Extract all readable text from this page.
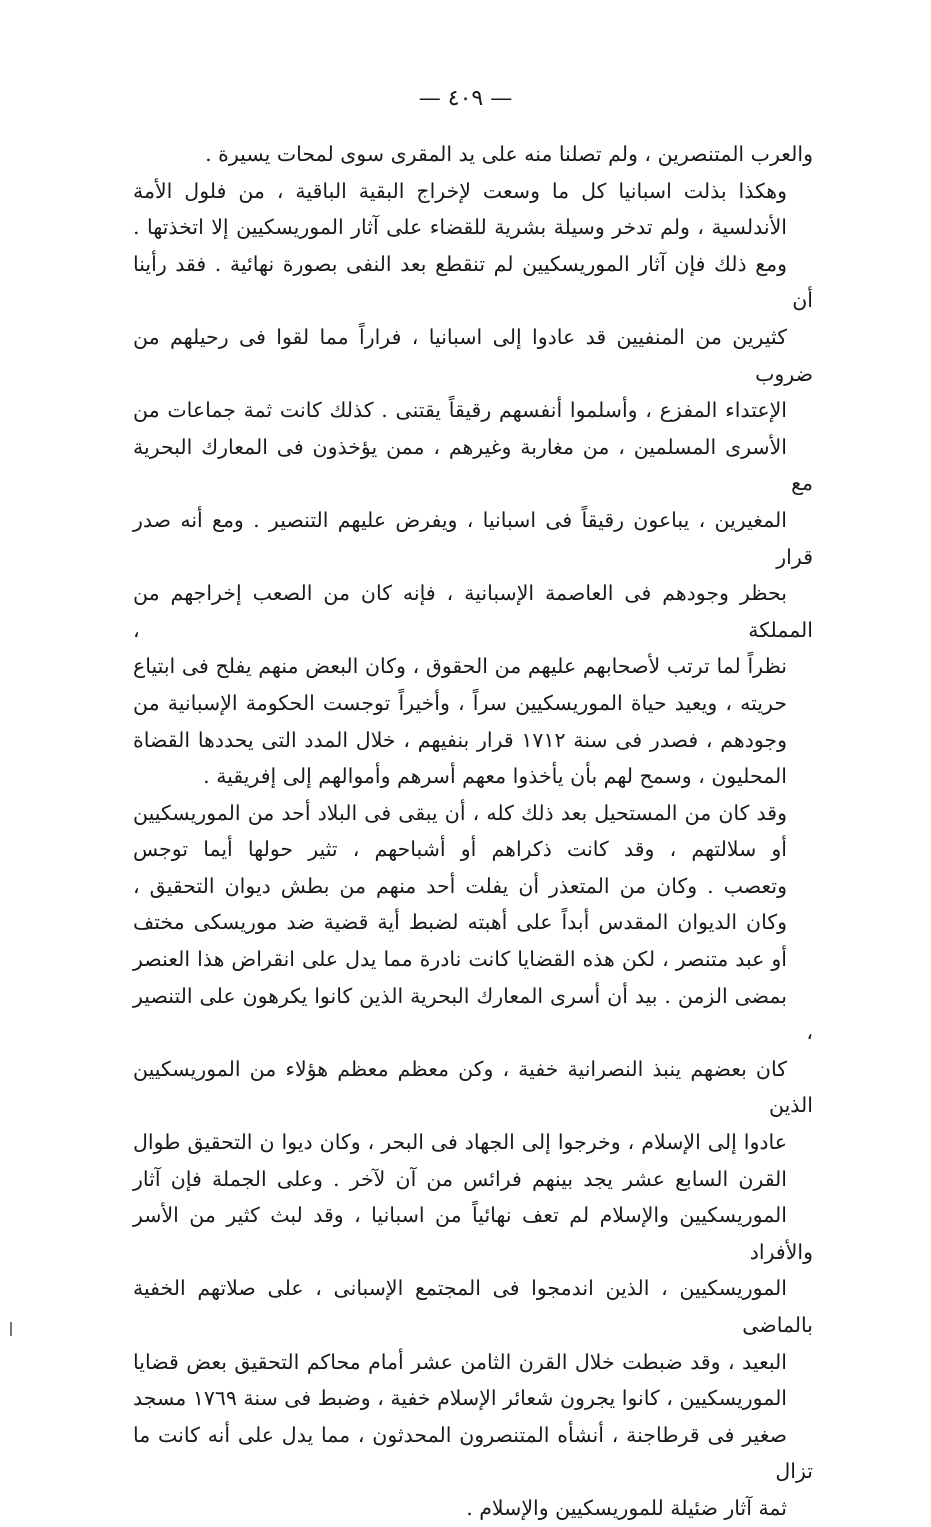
— ٤٠٩ —
والعرب المتنصرين ، ولم تصلنا منه على يد المقرى سوى لمحات يسيرة .
وهكذا بذلت اسبانيا كل ما وسعت لإخراج البقية الباقية ، من فلول الأمة
الأندلسية ، ولم تدخر وسيلة بشرية للقضاء على آثار الموريسكيين إلا اتخذتها .
ومع ذلك فإن آثار الموريسكيين لم تنقطع بعد النفى بصورة نهائية . فقد رأينا أن
كثيرين من المنفيين قد عادوا إلى اسبانيا ، فراراً مما لقوا فى رحيلهم من ضروب
الإعتداء المفزع ، وأسلموا أنفسهم رقيقاً يقتنى . كذلك كانت ثمة جماعات من
الأسرى المسلمين ، من مغاربة وغيرهم ، ممن يؤخذون فى المعارك البحرية مع
المغيرين ، يباعون رقيقاً فى اسبانيا ، ويفرض عليهم التنصير . ومع أنه صدر قرار
بحظر وجودهم فى العاصمة الإسبانية ، فإنه كان من الصعب إخراجهم من المملكة ،
نظراً لما ترتب لأصحابهم عليهم من الحقوق ، وكان البعض منهم يفلح فى ابتياع
حريته ، ويعيد حياة الموريسكيين سراً ، وأخيراً توجست الحكومة الإسبانية من
وجودهم ، فصدر فى سنة ١٧١٢ قرار بنفيهم ، خلال المدد التى يحددها القضاة
المحليون ، وسمح لهم بأن يأخذوا معهم أسرهم وأموالهم إلى إفريقية .
وقد كان من المستحيل بعد ذلك كله ، أن يبقى فى البلاد أحد من الموريسكيين
أو سلالتهم ، وقد كانت ذكراهم أو أشباحهم ، تثير حولها أيما توجس
وتعصب . وكان من المتعذر أن يفلت أحد منهم من بطش ديوان التحقيق ،
وكان الديوان المقدس أبداً على أهبته لضبط أية قضية ضد موريسكى مختف
أو عبد متنصر ، لكن هذه القضايا كانت نادرة مما يدل على انقراض هذا العنصر
بمضى الزمن . بيد أن أسرى المعارك البحرية الذين كانوا يكرهون على التنصير ،
كان بعضهم ينبذ النصرانية خفية ، وكن معظم معظم هؤلاء من الموريسكيين الذين
عادوا إلى الإسلام ، وخرجوا إلى الجهاد فى البحر ، وكان ديوا ن التحقيق طوال
القرن السابع عشر يجد بينهم فرائس من آن لآخر . وعلى الجملة فإن آثار
الموريسكيين والإسلام لم تعف نهائياً من اسبانيا ، وقد لبث كثير من الأسر والأفراد
الموريسكيين ، الذين اندمجوا فى المجتمع الإسبانى ، على صلاتهم الخفية بالماضى
البعيد ، وقد ضبطت خلال القرن الثامن عشر أمام محاكم التحقيق بعض قضايا
الموريسكيين ، كانوا يجرون شعائر الإسلام خفية ، وضبط فى سنة ١٧٦٩ مسجد
صغير فى قرطاجنة ، أنشأه المتنصرون المحدثون ، مما يدل على أنه كانت ما تزال
ثمة آثار ضئيلة للموريسكيين والإسلام .
